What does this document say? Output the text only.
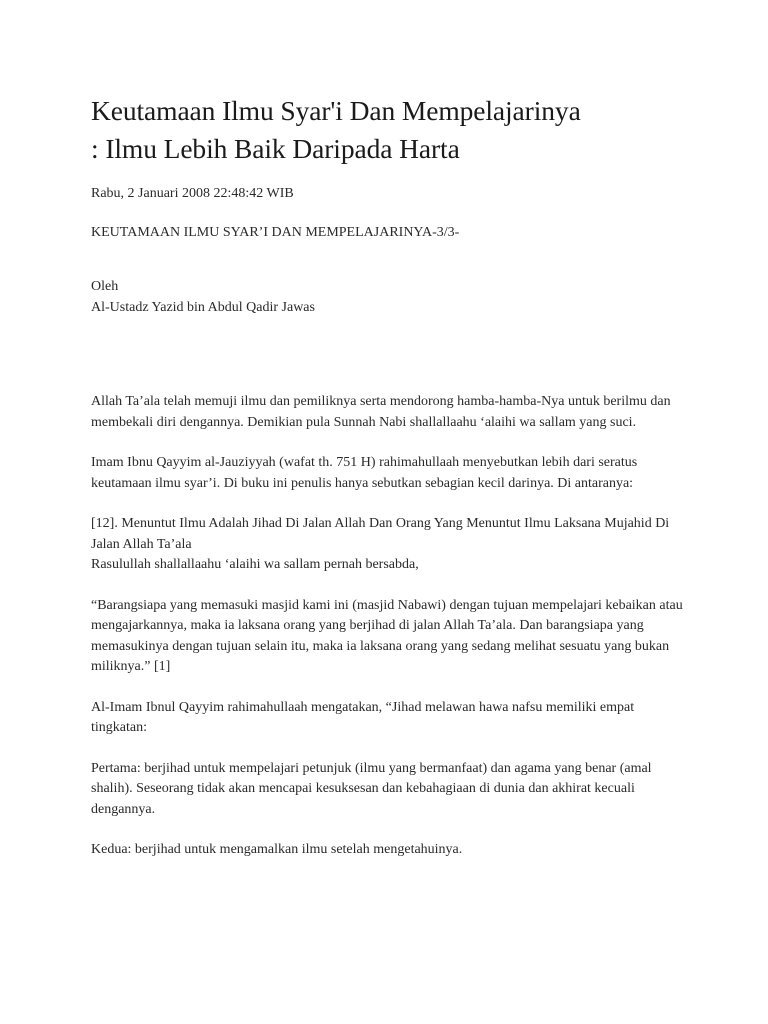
Keutamaan Ilmu Syar'i Dan Mempelajarinya
: Ilmu Lebih Baik Daripada Harta

Rabu, 2 Januari 2008 22:48:42 WIB

KEUTAMAAN ILMU SYAR’I DAN MEMPELAJARINYA-3/3-

Oleh

Al-Ustadz Yazid bin Abdul Qadir Jawas

Allah Ta’ala telah memuji ilmu dan pemiliknya serta mendorong hamba-hamba-Nya untuk berilmu dan membekali diri dengannya. Demikian pula Sunnah Nabi shallallaahu ‘alaihi wa sallam yang suci.

Imam Ibnu Qayyim al-Jauziyyah (wafat th. 751 H) rahimahullaah menyebutkan lebih dari seratus keutamaan ilmu syar’i. Di buku ini penulis hanya sebutkan sebagian kecil darinya. Di antaranya:

[12]. Menuntut Ilmu Adalah Jihad Di Jalan Allah Dan Orang Yang Menuntut Ilmu Laksana Mujahid Di Jalan Allah Ta’ala

Rasulullah shallallaahu ‘alaihi wa sallam pernah bersabda,

“Barangsiapa yang memasuki masjid kami ini (masjid Nabawi) dengan tujuan mempelajari kebaikan atau mengajarkannya, maka ia laksana orang yang berjihad di jalan Allah Ta’ala. Dan barangsiapa yang memasukinya dengan tujuan selain itu, maka ia laksana orang yang sedang melihat sesuatu yang bukan miliknya.” [1]

Al-Imam Ibnul Qayyim rahimahullaah mengatakan, “Jihad melawan hawa nafsu memiliki empat tingkatan:

Pertama: berjihad untuk mempelajari petunjuk (ilmu yang bermanfaat) dan agama yang benar (amal shalih). Seseorang tidak akan mencapai kesuksesan dan kebahagiaan di dunia dan akhirat kecuali dengannya.

Kedua: berjihad untuk mengamalkan ilmu setelah mengetahuinya.
